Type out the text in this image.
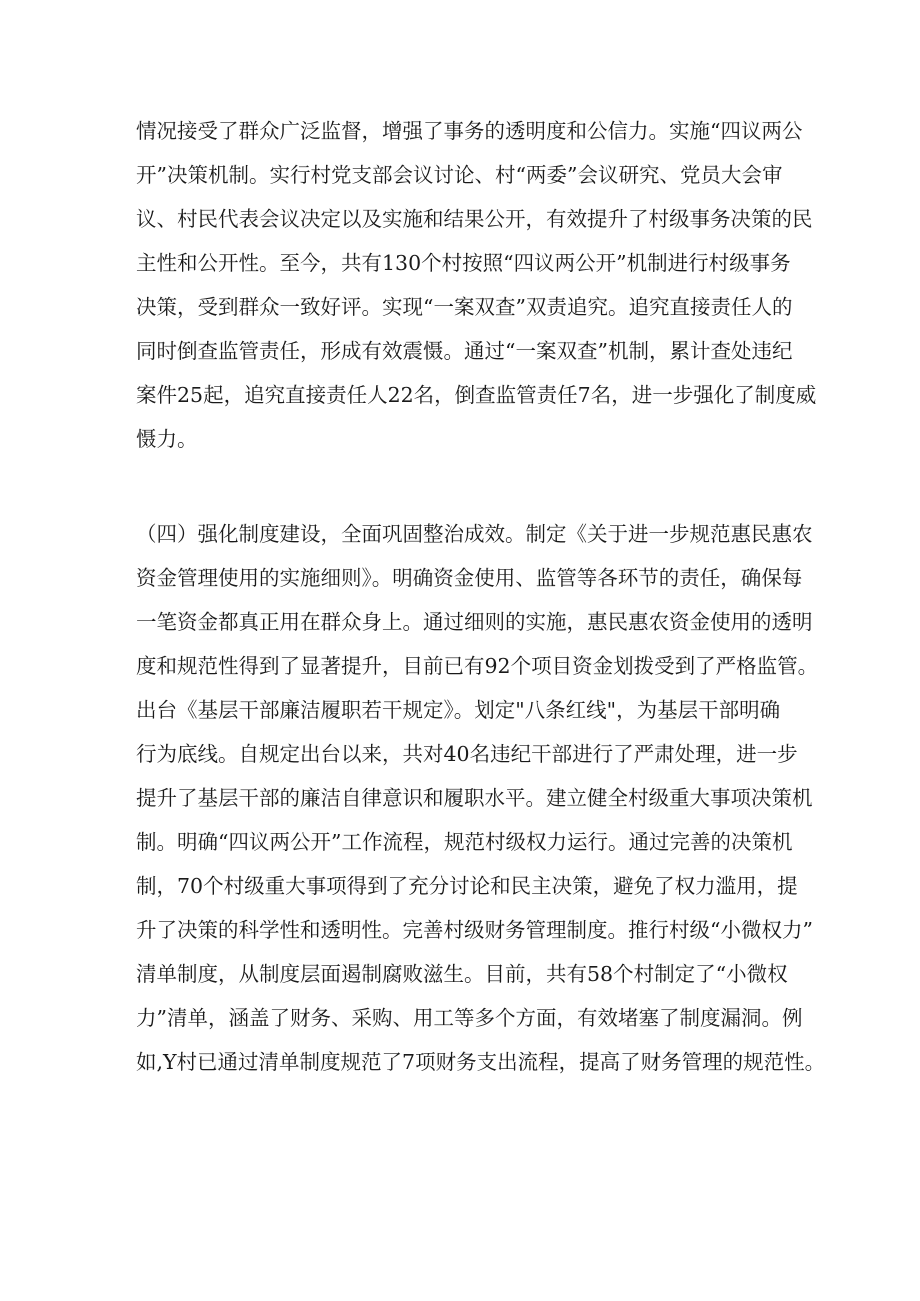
情况接受了群众广泛监督，增强了事务的透明度和公信力。实施“四议两公
开”决策机制。实行村党支部会议讨论、村“两委”会议研究、党员大会审
议、村民代表会议决定以及实施和结果公开，有效提升了村级事务决策的民
主性和公开性。至今，共有130个村按照“四议两公开”机制进行村级事务
决策，受到群众一致好评。实现“一案双查”双责追究。追究直接责任人的
同时倒查监管责任，形成有效震慑。通过“一案双查”机制，累计查处违纪
案件25起，追究直接责任人22名，倒查监管责任7名，进一步强化了制度威
慑力。
（四）强化制度建设，全面巩固整治成效。制定《关于进一步规范惠民惠农
资金管理使用的实施细则》。明确资金使用、监管等各环节的责任，确保每
一笔资金都真正用在群众身上。通过细则的实施，惠民惠农资金使用的透明
度和规范性得到了显著提升，目前已有92个项目资金划拨受到了严格监管。
出台《基层干部廉洁履职若干规定》。划定"八条红线"，为基层干部明确
行为底线。自规定出台以来，共对40名违纪干部进行了严肃处理，进一步
提升了基层干部的廉洁自律意识和履职水平。建立健全村级重大事项决策机
制。明确“四议两公开”工作流程，规范村级权力运行。通过完善的决策机
制，70个村级重大事项得到了充分讨论和民主决策，避免了权力滥用，提
升了决策的科学性和透明性。完善村级财务管理制度。推行村级“小微权力”
清单制度，从制度层面遏制腐败滋生。目前，共有58个村制定了“小微权
力”清单，涵盖了财务、采购、用工等多个方面，有效堵塞了制度漏洞。例
如,Y村已通过清单制度规范了7项财务支出流程，提高了财务管理的规范性。
